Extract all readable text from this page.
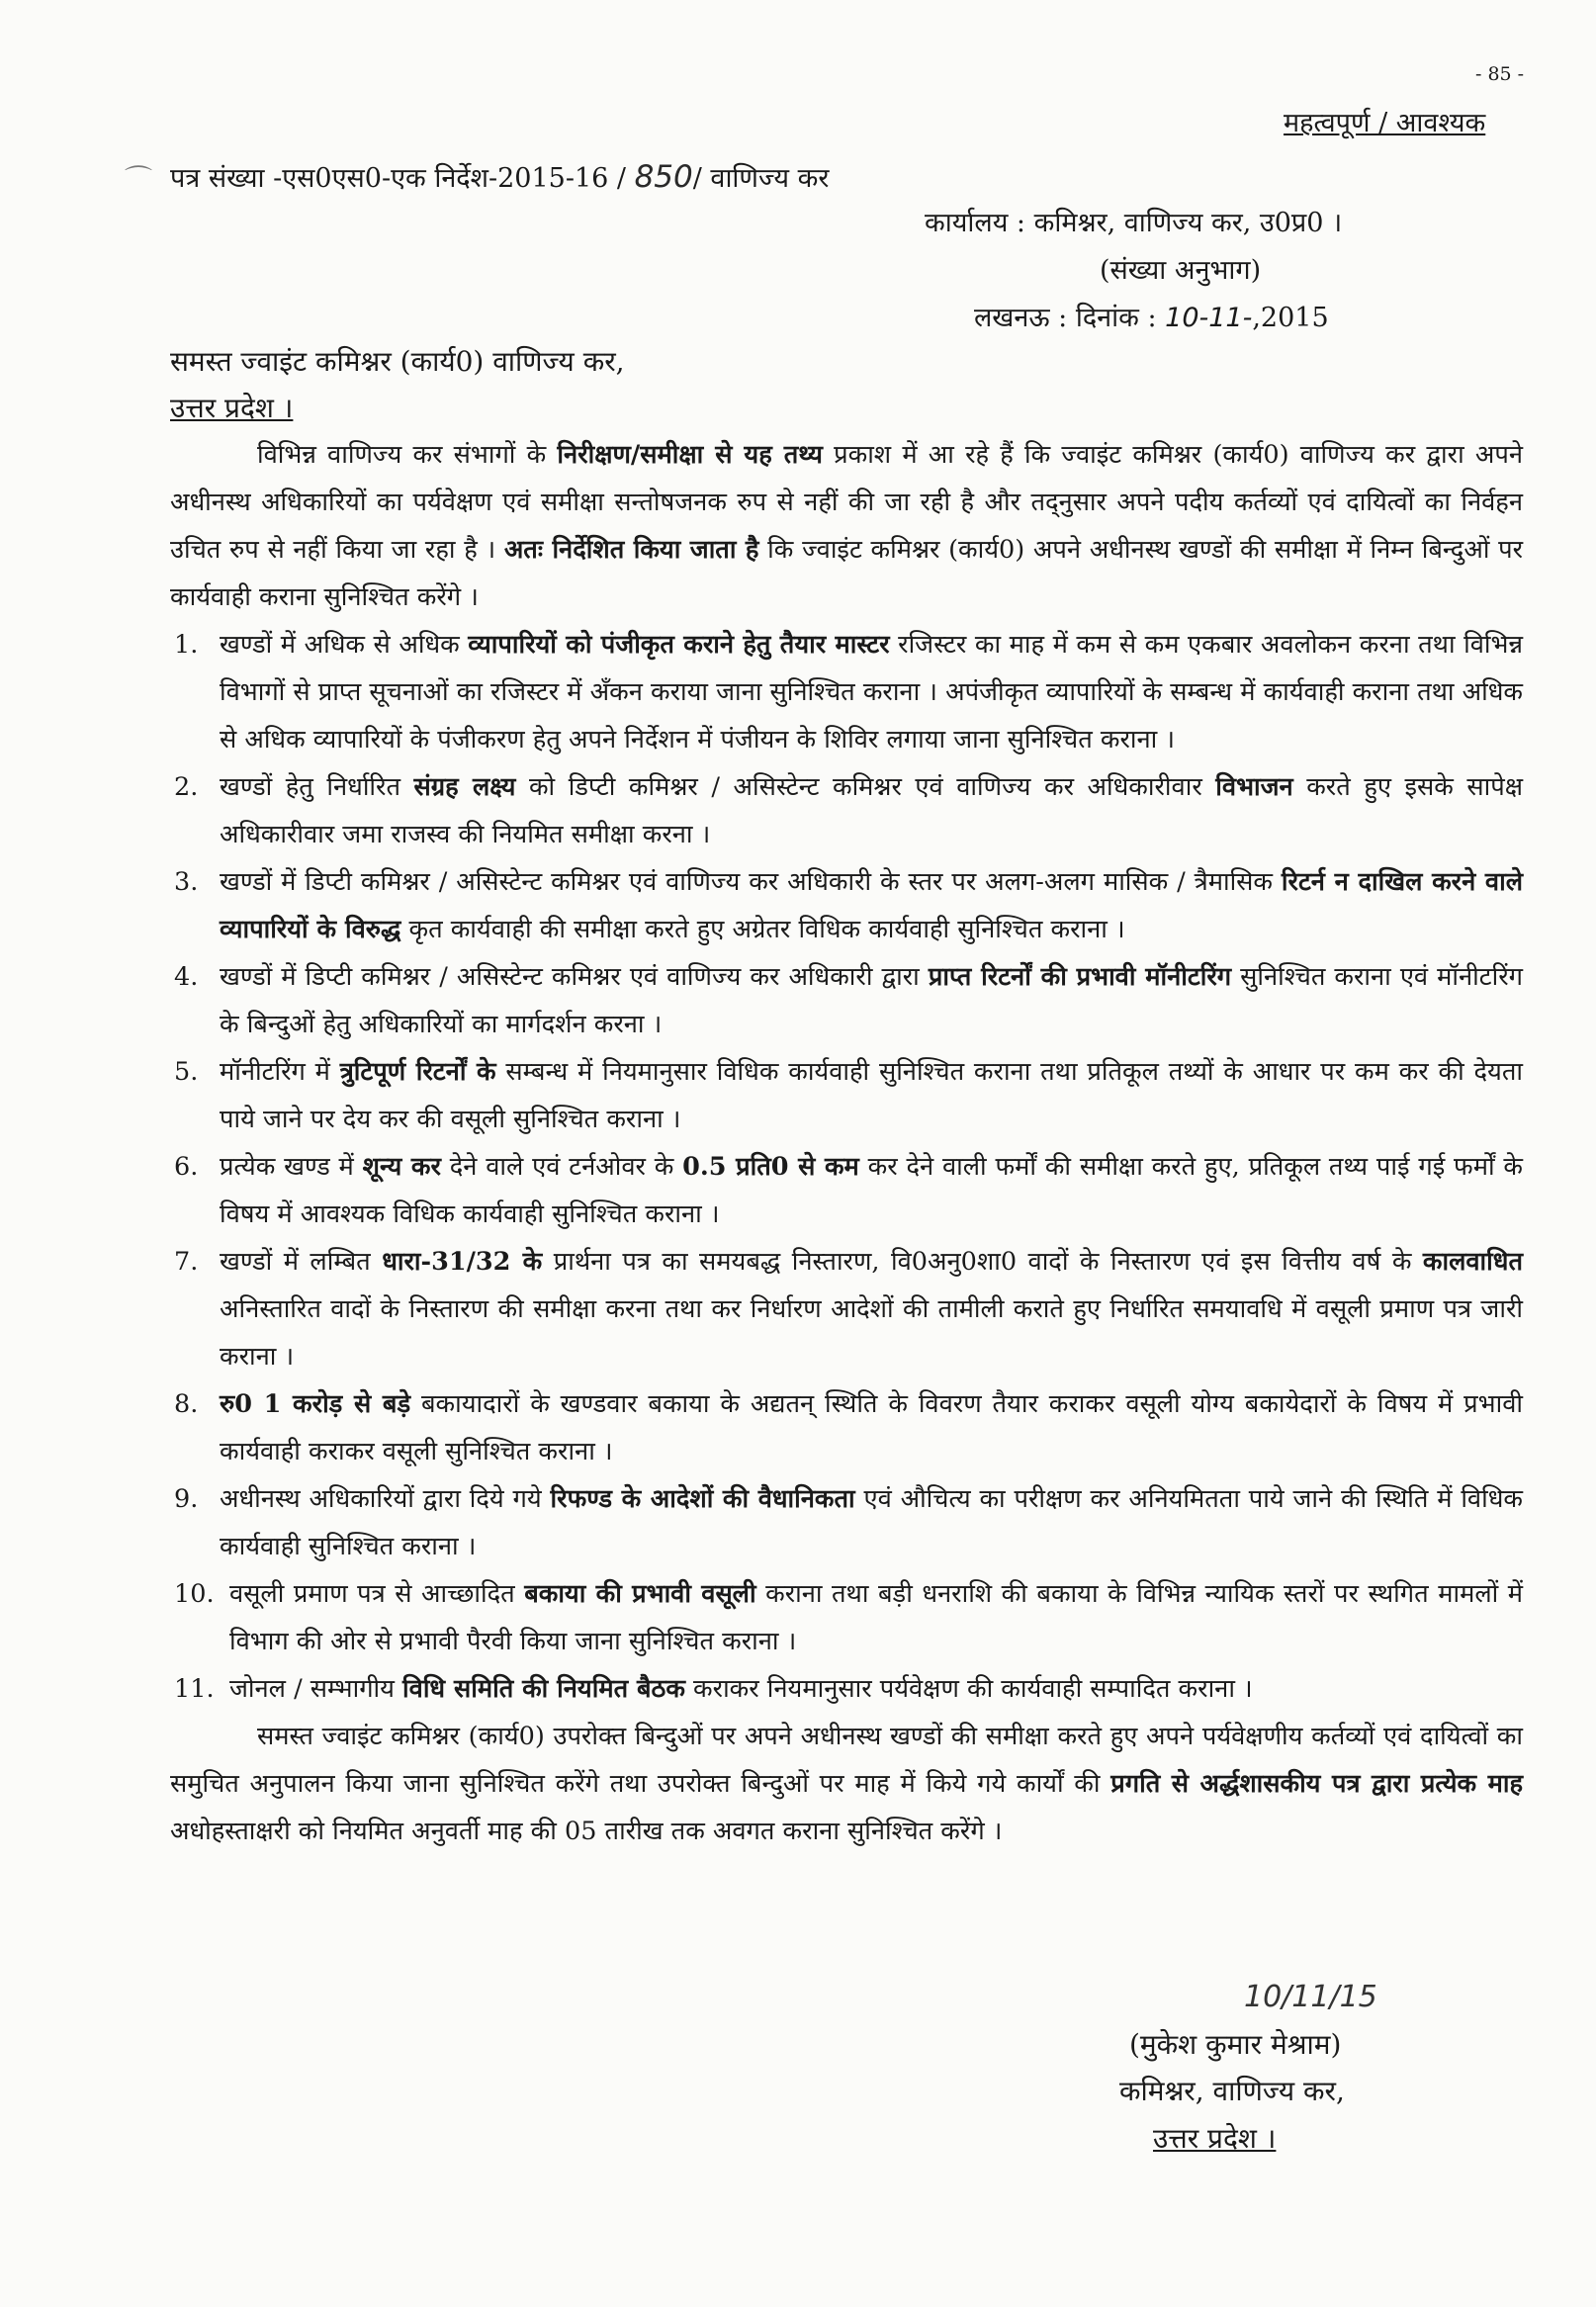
- 85 -
महत्वपूर्ण / आवश्यक
⌒ पत्र संख्या -एस0एस0-एक निर्देश-2015-16 / 850/ वाणिज्य कर
कार्यालय : कमिश्नर, वाणिज्य कर, उ0प्र0 ।
(संख्या अनुभाग)
लखनऊ : दिनांक : 10-11-,2015
समस्त ज्वाइंट कमिश्नर (कार्य0) वाणिज्य कर,
उत्तर प्रदेश ।

विभिन्न वाणिज्य कर संभागों के निरीक्षण/समीक्षा से यह तथ्य प्रकाश में आ रहे हैं कि ज्वाइंट कमिश्नर (कार्य0) वाणिज्य कर द्वारा अपने अधीनस्थ अधिकारियों का पर्यवेक्षण एवं समीक्षा सन्तोषजनक रुप से नहीं की जा रही है और तद्नुसार अपने पदीय कर्तव्यों एवं दायित्वों का निर्वहन उचित रुप से नहीं किया जा रहा है । अतः निर्देशित किया जाता है कि ज्वाइंट कमिश्नर (कार्य0) अपने अधीनस्थ खण्डों की समीक्षा में निम्न बिन्दुओं पर कार्यवाही कराना सुनिश्चित करेंगे ।

1. खण्डों में अधिक से अधिक व्यापारियों को पंजीकृत कराने हेतु तैयार मास्टर रजिस्टर का माह में कम से कम एकबार अवलोकन करना तथा विभिन्न विभागों से प्राप्त सूचनाओं का रजिस्टर में अँकन कराया जाना सुनिश्चित कराना । अपंजीकृत व्यापारियों के सम्बन्ध में कार्यवाही कराना तथा अधिक से अधिक व्यापारियों के पंजीकरण हेतु अपने निर्देशन में पंजीयन के शिविर लगाया जाना सुनिश्चित कराना ।
2. खण्डों हेतु निर्धारित संग्रह लक्ष्य को डिप्टी कमिश्नर / असिस्टेन्ट कमिश्नर एवं वाणिज्य कर अधिकारीवार विभाजन करते हुए इसके सापेक्ष अधिकारीवार जमा राजस्व की नियमित समीक्षा करना ।
3. खण्डों में डिप्टी कमिश्नर / असिस्टेन्ट कमिश्नर एवं वाणिज्य कर अधिकारी के स्तर पर अलग-अलग मासिक / त्रैमासिक रिटर्न न दाखिल करने वाले व्यापारियों के विरुद्ध कृत कार्यवाही की समीक्षा करते हुए अग्रेतर विधिक कार्यवाही सुनिश्चित कराना ।
4. खण्डों में डिप्टी कमिश्नर / असिस्टेन्ट कमिश्नर एवं वाणिज्य कर अधिकारी द्वारा प्राप्त रिटर्नों की प्रभावी मॉनीटरिंग सुनिश्चित कराना एवं मॉनीटरिंग के बिन्दुओं हेतु अधिकारियों का मार्गदर्शन करना ।
5. मॉनीटरिंग में त्रुटिपूर्ण रिटर्नों के सम्बन्ध में नियमानुसार विधिक कार्यवाही सुनिश्चित कराना तथा प्रतिकूल तथ्यों के आधार पर कम कर की देयता पाये जाने पर देय कर की वसूली सुनिश्चित कराना ।
6. प्रत्येक खण्ड में शून्य कर देने वाले एवं टर्नओवर के 0.5 प्रति0 से कम कर देने वाली फर्मों की समीक्षा करते हुए, प्रतिकूल तथ्य पाई गई फर्मों के विषय में आवश्यक विधिक कार्यवाही सुनिश्चित कराना ।
7. खण्डों में लम्बित धारा-31/32 के प्रार्थना पत्र का समयबद्ध निस्तारण, वि0अनु0शा0 वादों के निस्तारण एवं इस वित्तीय वर्ष के कालवाधित अनिस्तारित वादों के निस्तारण की समीक्षा करना तथा कर निर्धारण आदेशों की तामीली कराते हुए निर्धारित समयावधि में वसूली प्रमाण पत्र जारी कराना ।
8. रु0 1 करोड़ से बड़े बकायादारों के खण्डवार बकाया के अद्यतन् स्थिति के विवरण तैयार कराकर वसूली योग्य बकायेदारों के विषय में प्रभावी कार्यवाही कराकर वसूली सुनिश्चित कराना ।
9. अधीनस्थ अधिकारियों द्वारा दिये गये रिफण्ड के आदेशों की वैधानिकता एवं औचित्य का परीक्षण कर अनियमितता पाये जाने की स्थिति में विधिक कार्यवाही सुनिश्चित कराना ।
10. वसूली प्रमाण पत्र से आच्छादित बकाया की प्रभावी वसूली कराना तथा बड़ी धनराशि की बकाया के विभिन्न न्यायिक स्तरों पर स्थगित मामलों में विभाग की ओर से प्रभावी पैरवी किया जाना सुनिश्चित कराना ।
11. जोनल / सम्भागीय विधि समिति की नियमित बैठक कराकर नियमानुसार पर्यवेक्षण की कार्यवाही सम्पादित कराना ।

समस्त ज्वाइंट कमिश्नर (कार्य0) उपरोक्त बिन्दुओं पर अपने अधीनस्थ खण्डों की समीक्षा करते हुए अपने पर्यवेक्षणीय कर्तव्यों एवं दायित्वों का समुचित अनुपालन किया जाना सुनिश्चित करेंगे तथा उपरोक्त बिन्दुओं पर माह में किये गये कार्यों की प्रगति से अर्द्धशासकीय पत्र द्वारा प्रत्येक माह अधोहस्ताक्षरी को नियमित अनुवर्ती माह की 05 तारीख तक अवगत कराना सुनिश्चित करेंगे ।

10/11/15
(मुकेश कुमार मेश्राम)
कमिश्नर, वाणिज्य कर,
उत्तर प्रदेश ।
